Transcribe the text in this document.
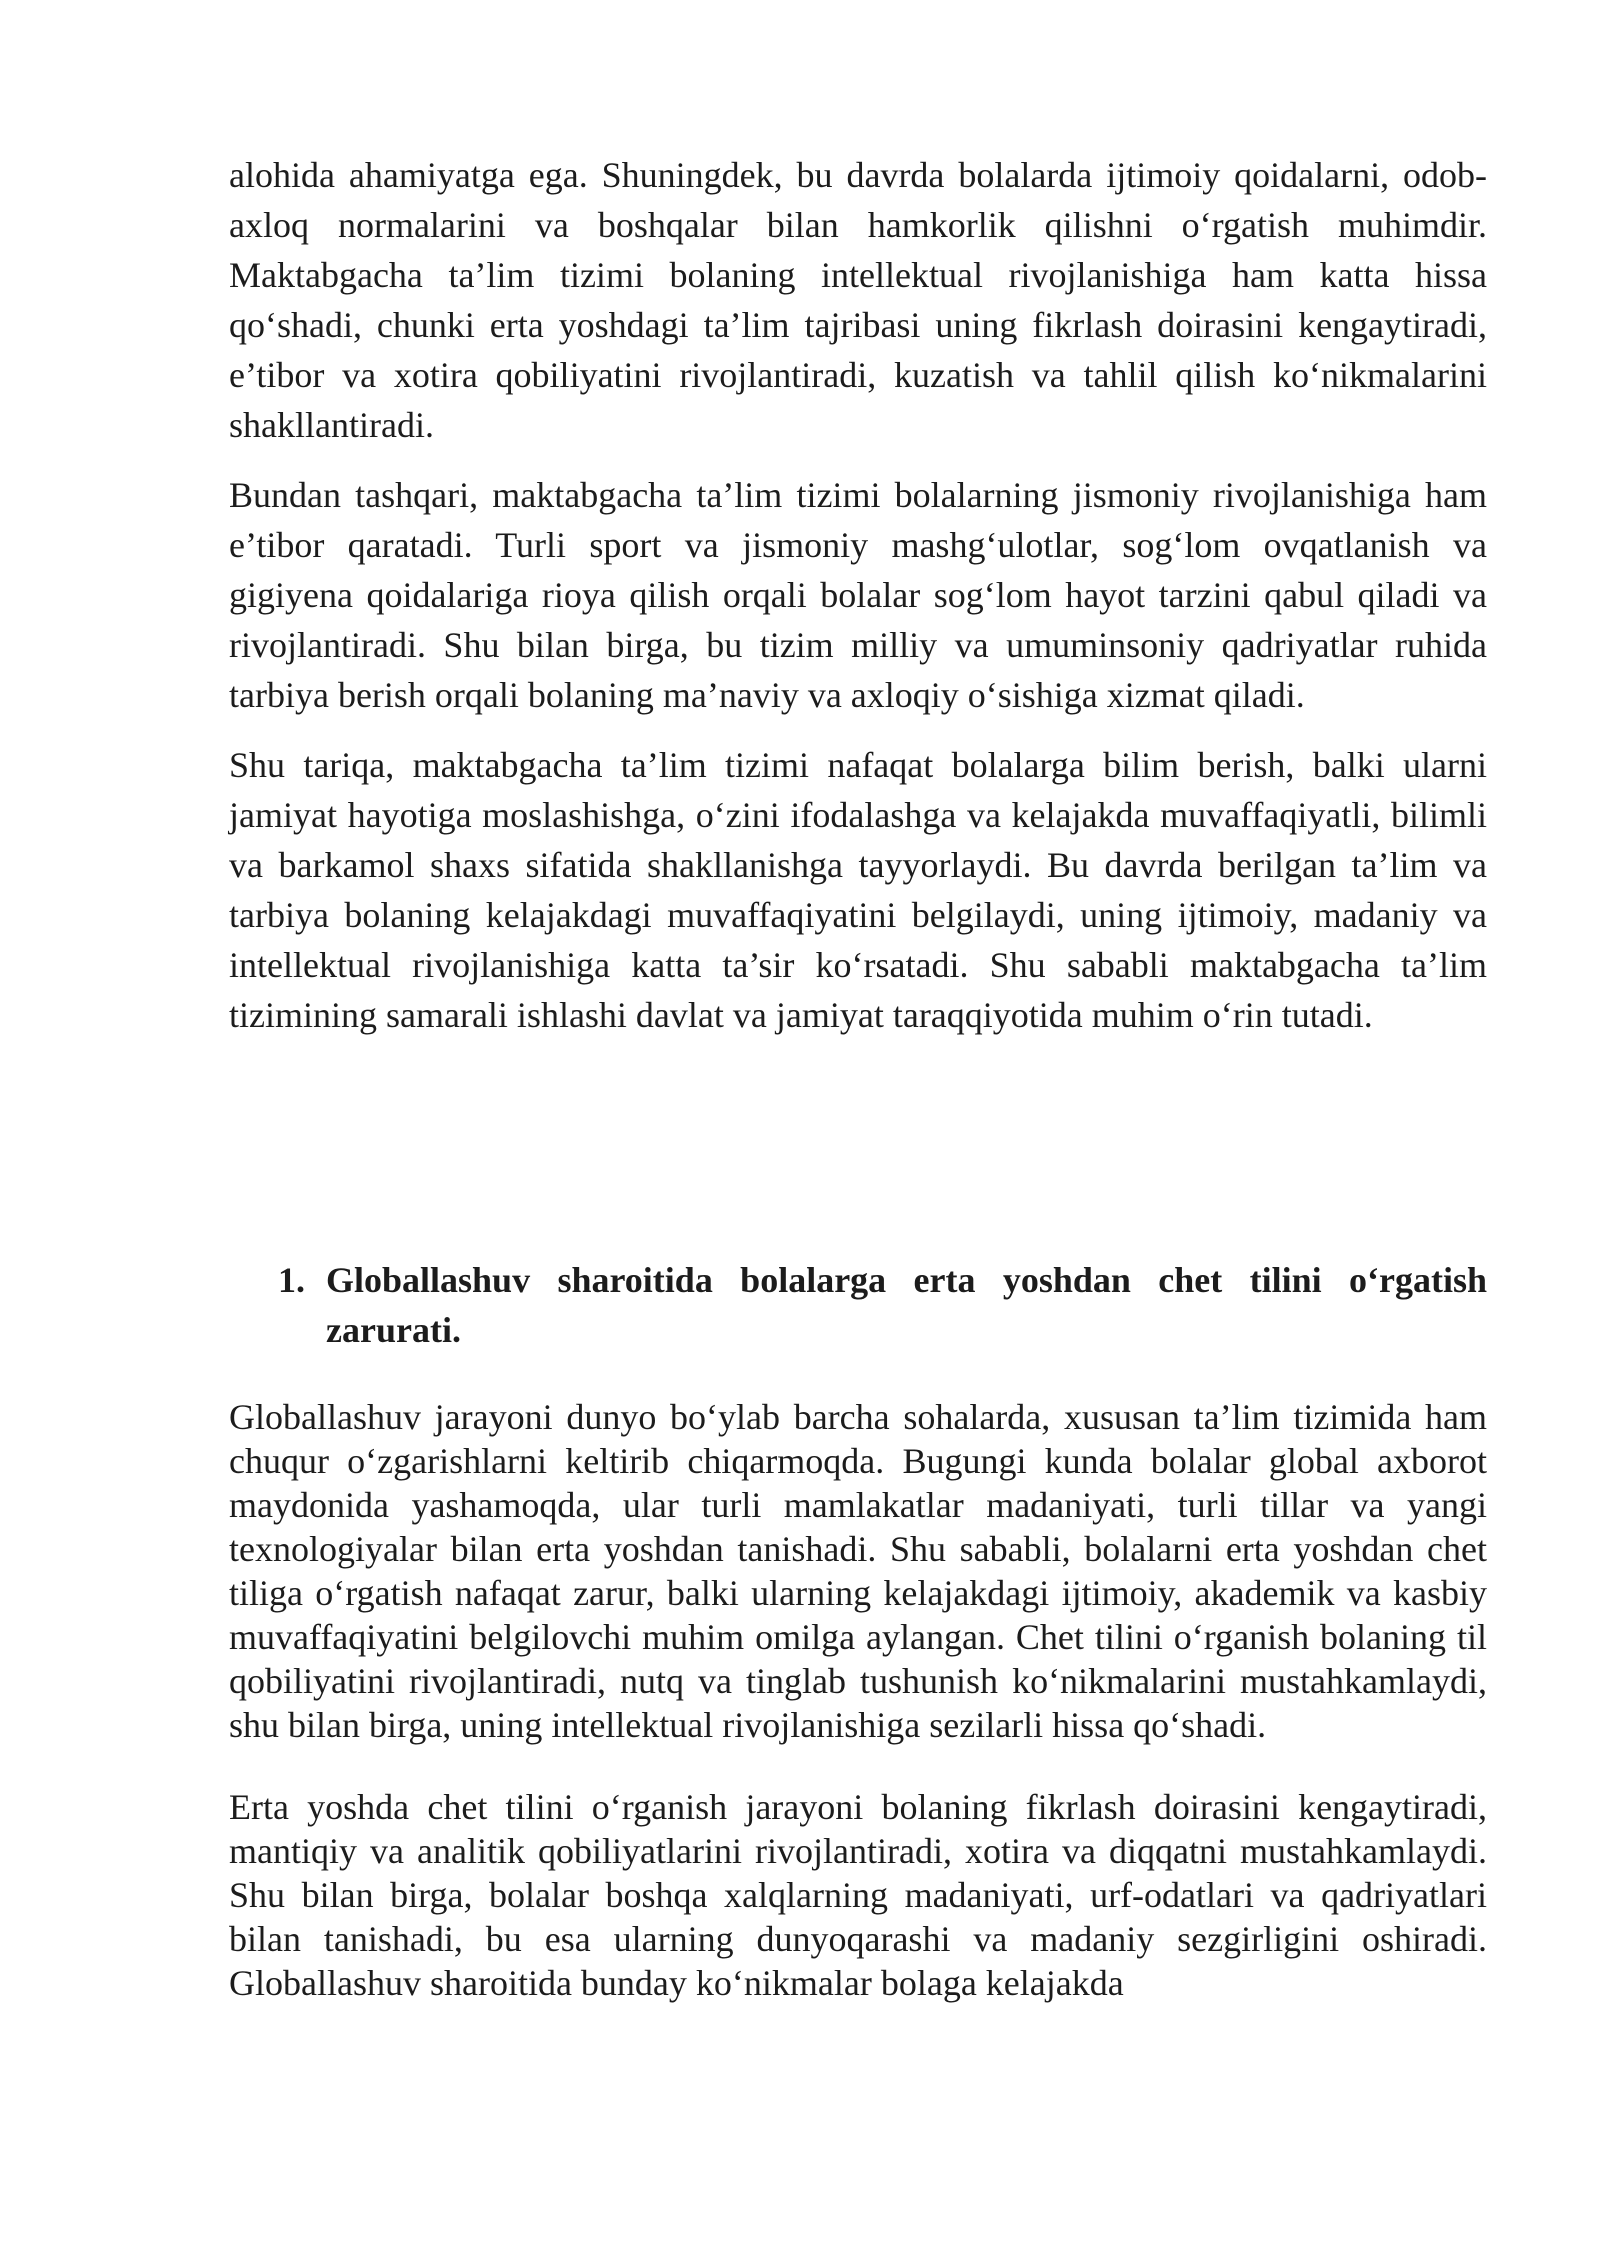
alohida ahamiyatga ega. Shuningdek, bu davrda bolalarda ijtimoiy qoidalarni, odob-axloq normalarini va boshqalar bilan hamkorlik qilishni o‘rgatish muhimdir. Maktabgacha ta’lim tizimi bolaning intellektual rivojlanishiga ham katta hissa qo‘shadi, chunki erta yoshdagi ta’lim tajribasi uning fikrlash doirasini kengaytiradi, e’tibor va xotira qobiliyatini rivojlantiradi, kuzatish va tahlil qilish ko‘nikmalarini shakllantiradi.

Bundan tashqari, maktabgacha ta’lim tizimi bolalarning jismoniy rivojlanishiga ham e’tibor qaratadi. Turli sport va jismoniy mashg‘ulotlar, sog‘lom ovqatlanish va gigiyena qoidalariga rioya qilish orqali bolalar sog‘lom hayot tarzini qabul qiladi va rivojlantiradi. Shu bilan birga, bu tizim milliy va umuminsoniy qadriyatlar ruhida tarbiya berish orqali bolaning ma’naviy va axloqiy o‘sishiga xizmat qiladi.

Shu tariqa, maktabgacha ta’lim tizimi nafaqat bolalarga bilim berish, balki ularni jamiyat hayotiga moslashishga, o‘zini ifodalashga va kelajakda muvaffaqiyatli, bilimli va barkamol shaxs sifatida shakllanishga tayyorlaydi. Bu davrda berilgan ta’lim va tarbiya bolaning kelajakdagi muvaffaqiyatini belgilaydi, uning ijtimoiy, madaniy va intellektual rivojlanishiga katta ta’sir ko‘rsatadi. Shu sababli maktabgacha ta’lim tizimining samarali ishlashi davlat va jamiyat taraqqiyotida muhim o‘rin tutadi.

1. Globallashuv sharoitida bolalarga erta yoshdan chet tilini o‘rgatish zarurati.

Globallashuv jarayoni dunyo bo‘ylab barcha sohalarda, xususan ta’lim tizimida ham chuqur o‘zgarishlarni keltirib chiqarmoqda. Bugungi kunda bolalar global axborot maydonida yashamoqda, ular turli mamlakatlar madaniyati, turli tillar va yangi texnologiyalar bilan erta yoshdan tanishadi. Shu sababli, bolalarni erta yoshdan chet tiliga o‘rgatish nafaqat zarur, balki ularning kelajakdagi ijtimoiy, akademik va kasbiy muvaffaqiyatini belgilovchi muhim omilga aylangan. Chet tilini o‘rganish bolaning til qobiliyatini rivojlantiradi, nutq va tinglab tushunish ko‘nikmalarini mustahkamlaydi, shu bilan birga, uning intellektual rivojlanishiga sezilarli hissa qo‘shadi.

Erta yoshda chet tilini o‘rganish jarayoni bolaning fikrlash doirasini kengaytiradi, mantiqiy va analitik qobiliyatlarini rivojlantiradi, xotira va diqqatni mustahkamlaydi. Shu bilan birga, bolalar boshqa xalqlarning madaniyati, urf-odatlari va qadriyatlari bilan tanishadi, bu esa ularning dunyoqarashi va madaniy sezgirligini oshiradi. Globallashuv sharoitida bunday ko‘nikmalar bolaga kelajakda
